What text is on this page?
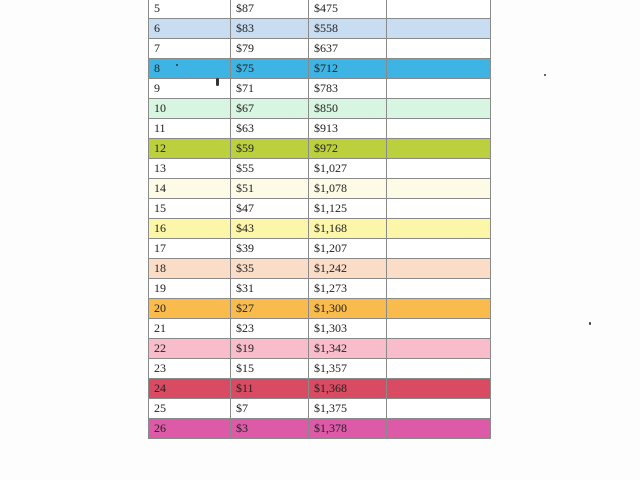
5	$87	$475	
6	$83	$558	
7	$79	$637	
8	$75	$712	
9	$71	$783	
10	$67	$850	
11	$63	$913	
12	$59	$972	
13	$55	$1,027	
14	$51	$1,078	
15	$47	$1,125	
16	$43	$1,168	
17	$39	$1,207	
18	$35	$1,242	
19	$31	$1,273	
20	$27	$1,300	
21	$23	$1,303	
22	$19	$1,342	
23	$15	$1,357	
24	$11	$1,368	
25	$7	$1,375	
26	$3	$1,378	
